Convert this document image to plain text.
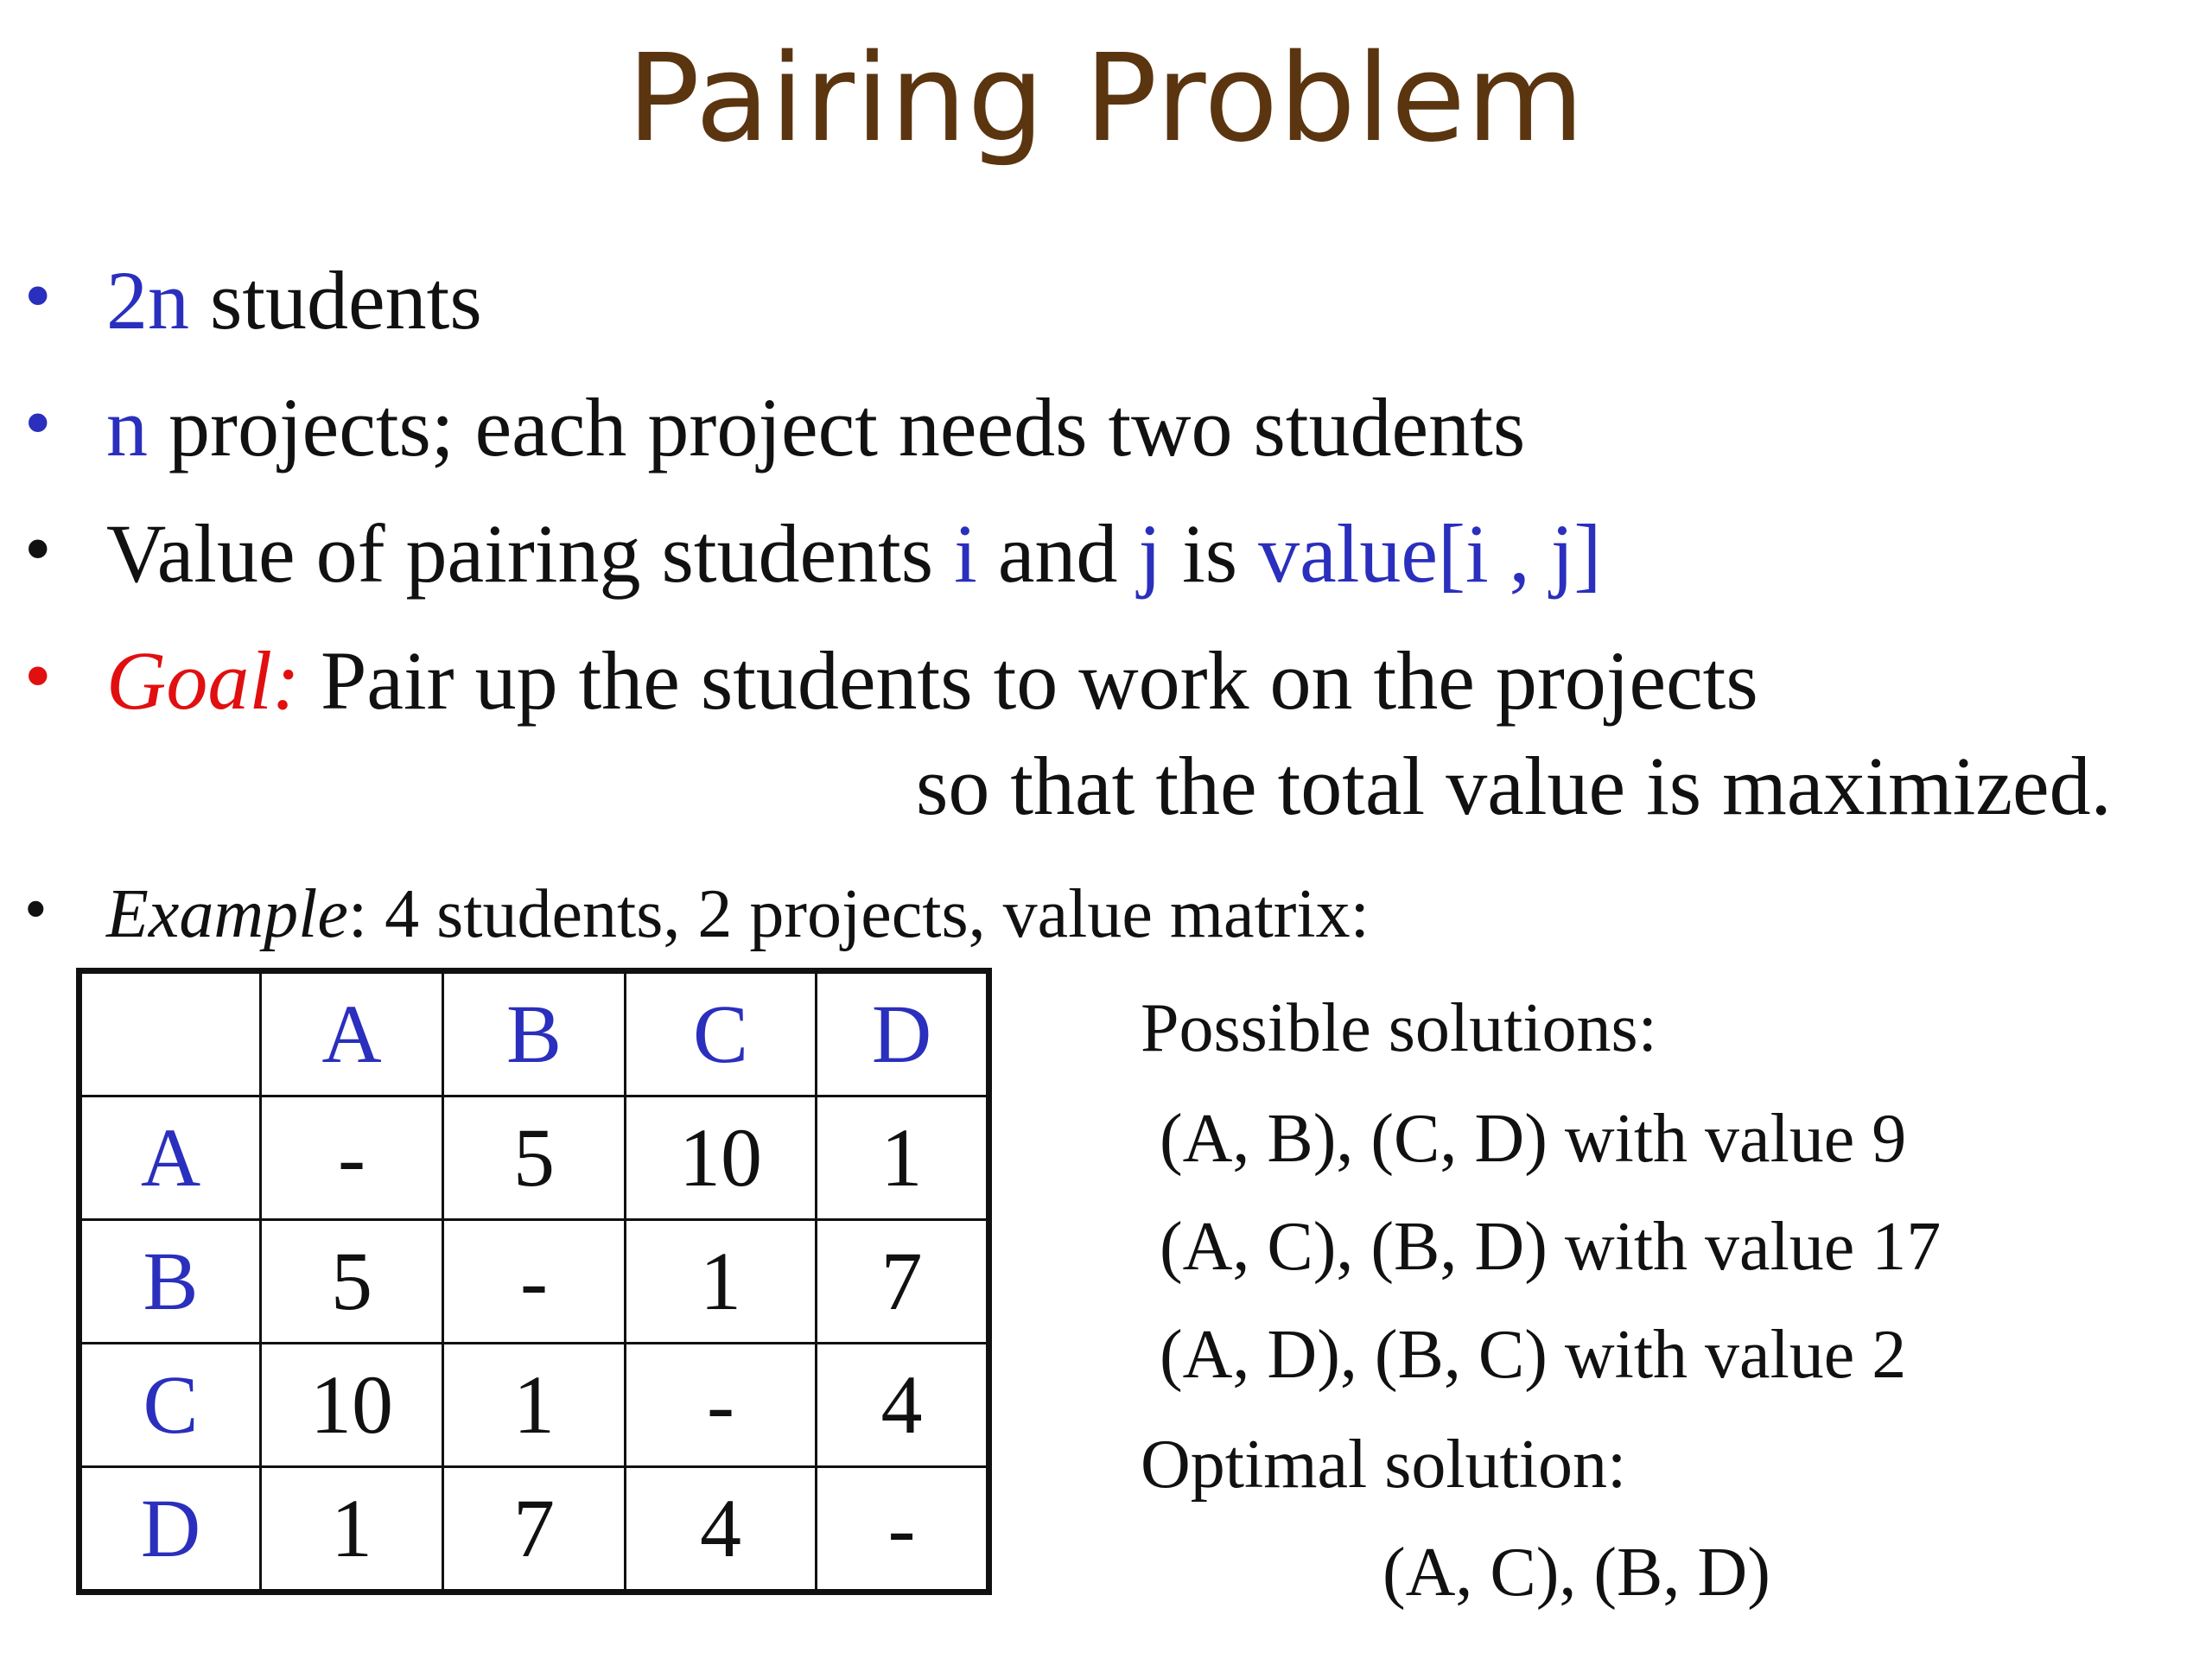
Pairing Problem
• 2n students
• n projects; each project needs two students
• Value of pairing students i and j is value[i , j]
• Goal: Pair up the students to work on the projects
so that the total value is maximized.
• Example: 4 students, 2 projects, value matrix:
	A	B	C	D
A	-	5	10	1
B	5	-	1	7
C	10	1	-	4
D	1	7	4	-
Possible solutions:
(A, B), (C, D) with value 9
(A, C), (B, D) with value 17
(A, D), (B, C) with value 2
Optimal solution:
(A, C), (B, D)
